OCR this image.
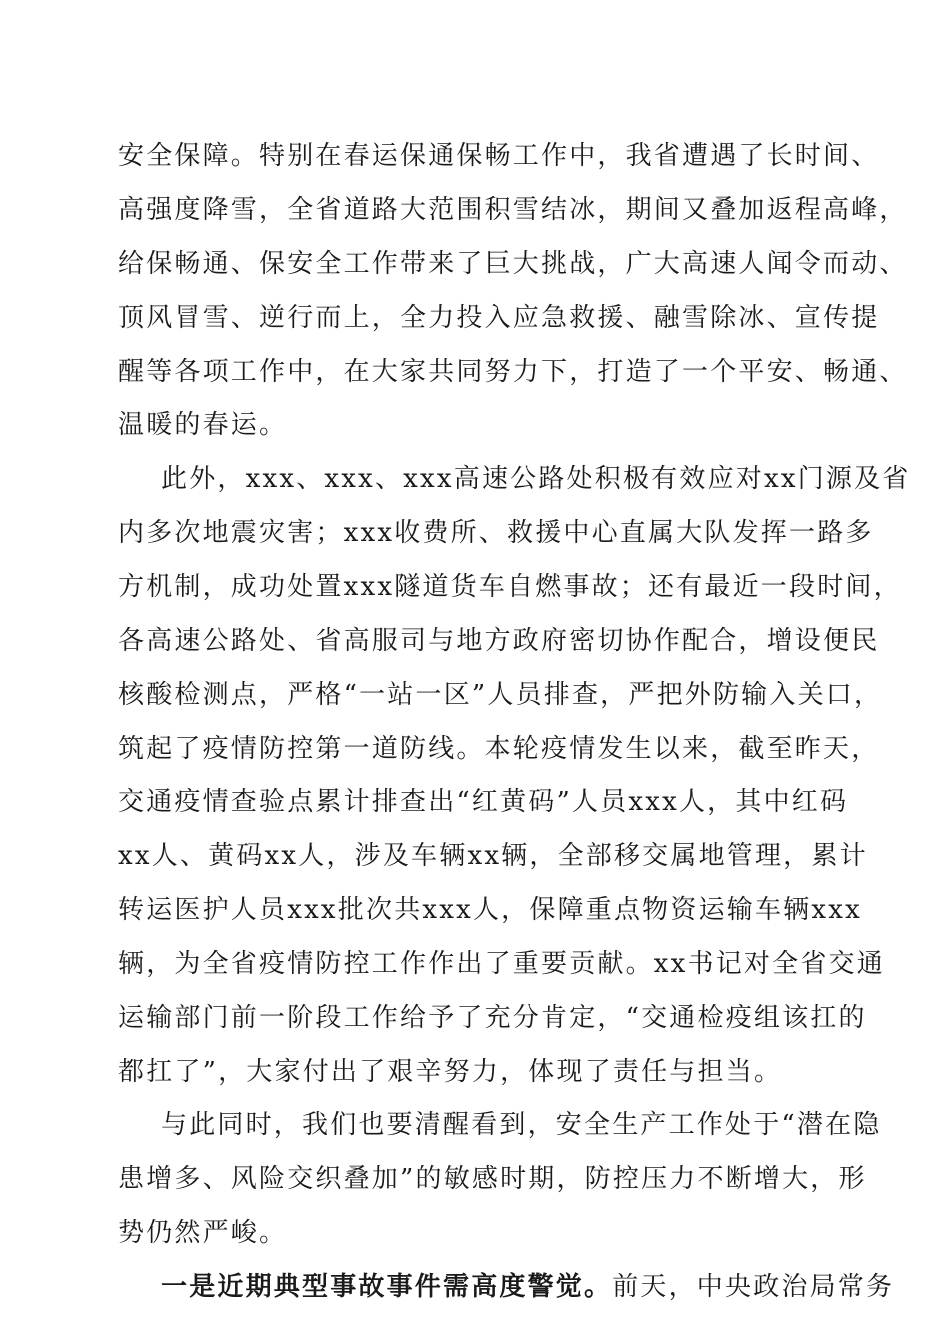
安全保障。特别在春运保通保畅工作中，我省遭遇了长时间、
高强度降雪，全省道路大范围积雪结冰，期间又叠加返程高峰，
给保畅通、保安全工作带来了巨大挑战，广大高速人闻令而动、
顶风冒雪、逆行而上，全力投入应急救援、融雪除冰、宣传提
醒等各项工作中，在大家共同努力下，打造了一个平安、畅通、
温暖的春运。
此外，xxx、xxx、xxx高速公路处积极有效应对xx门源及省
内多次地震灾害；xxx收费所、救援中心直属大队发挥一路多
方机制，成功处置xxx隧道货车自燃事故；还有最近一段时间，
各高速公路处、省高服司与地方政府密切协作配合，增设便民
核酸检测点，严格“一站一区”人员排查，严把外防输入关口，
筑起了疫情防控第一道防线。本轮疫情发生以来，截至昨天，
交通疫情查验点累计排查出“红黄码”人员xxx人，其中红码
xx人、黄码xx人，涉及车辆xx辆，全部移交属地管理，累计
转运医护人员xxx批次共xxx人，保障重点物资运输车辆xxx
辆，为全省疫情防控工作作出了重要贡献。xx书记对全省交通
运输部门前一阶段工作给予了充分肯定，“交通检疫组该扛的
都扛了”，大家付出了艰辛努力，体现了责任与担当。
与此同时，我们也要清醒看到，安全生产工作处于“潜在隐
患增多、风险交织叠加”的敏感时期，防控压力不断增大，形
势仍然严峻。
一是近期典型事故事件需高度警觉。前天，中央政治局常务
